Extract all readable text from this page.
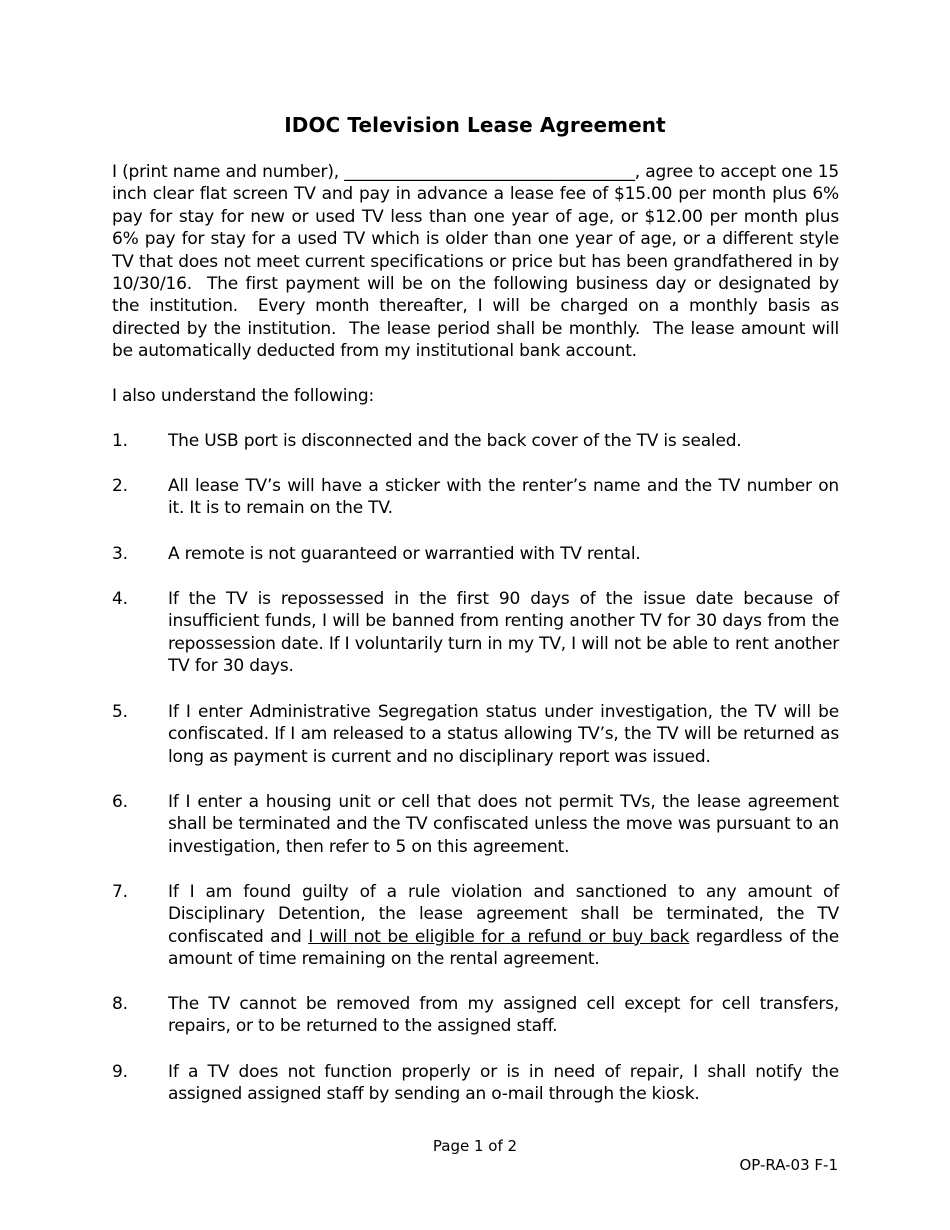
IDOC Television Lease Agreement
I (print name and number), ___________________________________, agree to accept one 15 inch clear flat screen TV and pay in advance a lease fee of $15.00 per month plus 6% pay for stay for new or used TV less than one year of age, or $12.00 per month plus 6% pay for stay for a used TV which is older than one year of age, or a different style TV that does not meet current specifications or price but has been grandfathered in by 10/30/16.  The first payment will be on the following business day or designated by the institution.  Every month thereafter, I will be charged on a monthly basis as directed by the institution.  The lease period shall be monthly.  The lease amount will be automatically deducted from my institutional bank account.
I also understand the following:
1.	The USB port is disconnected and the back cover of the TV is sealed.
2.	All lease TV’s will have a sticker with the renter’s name and the TV number on it. It is to remain on the TV.
3.	A remote is not guaranteed or warrantied with TV rental.
4.	If the TV is repossessed in the first 90 days of the issue date because of insufficient funds, I will be banned from renting another TV for 30 days from the repossession date. If I voluntarily turn in my TV, I will not be able to rent another TV for 30 days.
5.	If I enter Administrative Segregation status under investigation, the TV will be confiscated. If I am released to a status allowing TV’s, the TV will be returned as long as payment is current and no disciplinary report was issued.
6.	If I enter a housing unit or cell that does not permit TVs, the lease agreement shall be terminated and the TV confiscated unless the move was pursuant to an investigation, then refer to 5 on this agreement.
7.	If I am found guilty of a rule violation and sanctioned to any amount of Disciplinary Detention, the lease agreement shall be terminated, the TV confiscated and I will not be eligible for a refund or buy back regardless of the amount of time remaining on the rental agreement.
8.	The TV cannot be removed from my assigned cell except for cell transfers, repairs, or to be returned to the assigned staff.
9.	If a TV does not function properly or is in need of repair, I shall notify the assigned assigned staff by sending an o-mail through the kiosk.
Page 1 of 2
OP-RA-03 F-1
